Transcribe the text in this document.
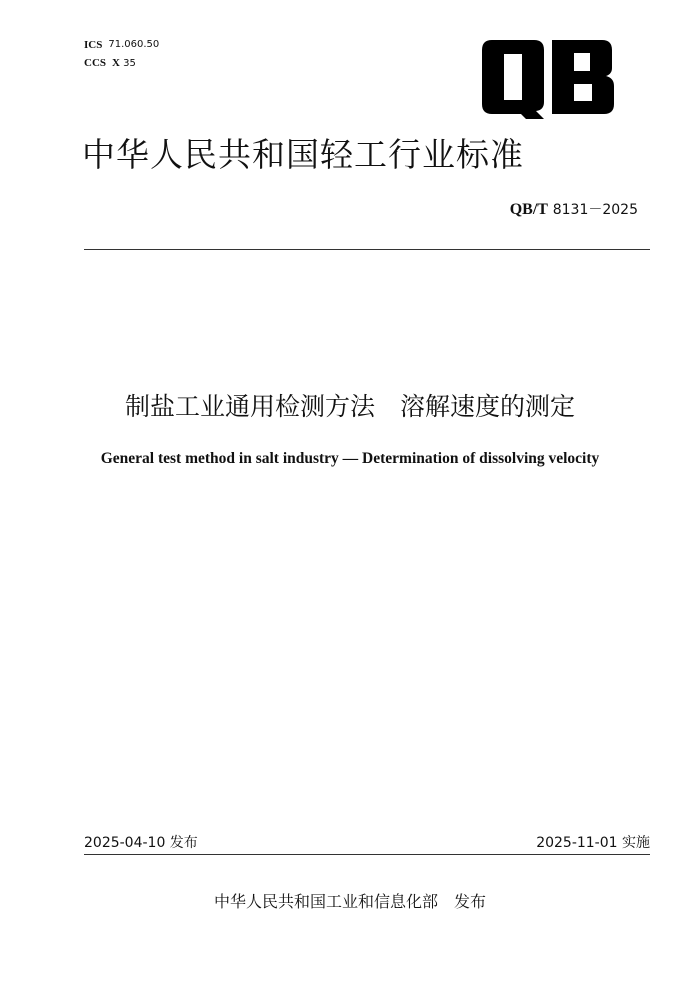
ICS 71.060.50
CCS X 35
中华人民共和国轻工行业标准
QB/T 8131－2025
制盐工业通用检测方法　溶解速度的测定
General test method in salt industry — Determination of dissolving velocity
2025-04-10 发布	2025-11-01 实施
中华人民共和国工业和信息化部　发布
